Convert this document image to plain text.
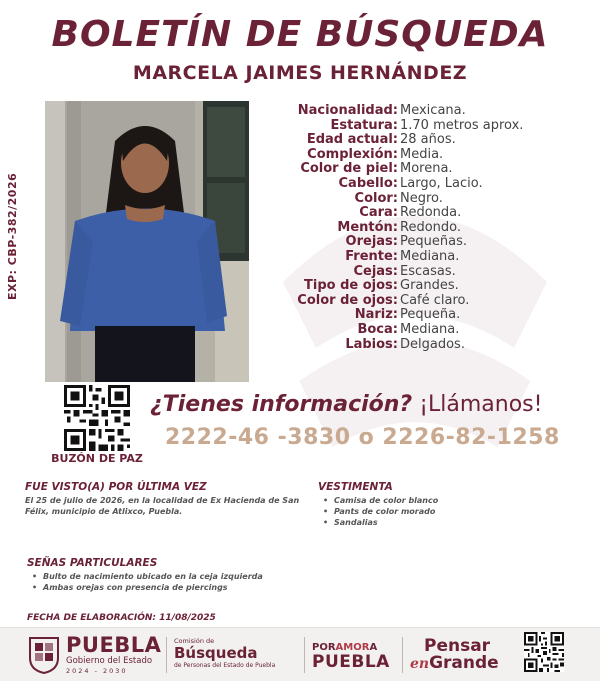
BOLETÍN DE BÚSQUEDA
MARCELA JAIMES HERNÁNDEZ
EXP: CBP-382/2026
Nacionalidad: Mexicana.
Estatura: 1.70 metros aprox.
Edad actual: 28 años.
Complexión: Media.
Color de piel: Morena.
Cabello: Largo, Lacio.
Color: Negro.
Cara: Redonda.
Mentón: Redondo.
Orejas: Pequeñas.
Frente: Mediana.
Cejas: Escasas.
Tipo de ojos: Grandes.
Color de ojos: Café claro.
Nariz: Pequeña.
Boca: Mediana.
Labios: Delgados.
BUZÓN DE PAZ
¿Tienes información? ¡Llámanos!
2222-46 -3830 o 2226-82-1258
FUE VISTO(A) POR ÚLTIMA VEZ
El 25 de julio de 2026, en la localidad de Ex Hacienda de San Félix, municipio de Atlixco, Puebla.
VESTIMENTA
• Camisa de color blanco
• Pants de color morado
• Sandalias
SEÑAS PARTICULARES
• Bulto de nacimiento ubicado en la ceja izquierda
• Ambas orejas con presencia de piercings
FECHA DE ELABORACIÓN: 11/08/2025
PUEBLA
Gobierno del Estado
2024 - 2030
Comisión de
Búsqueda
de Personas del Estado de Puebla
PORAMORA
PUEBLA
Pensar
enGrande
